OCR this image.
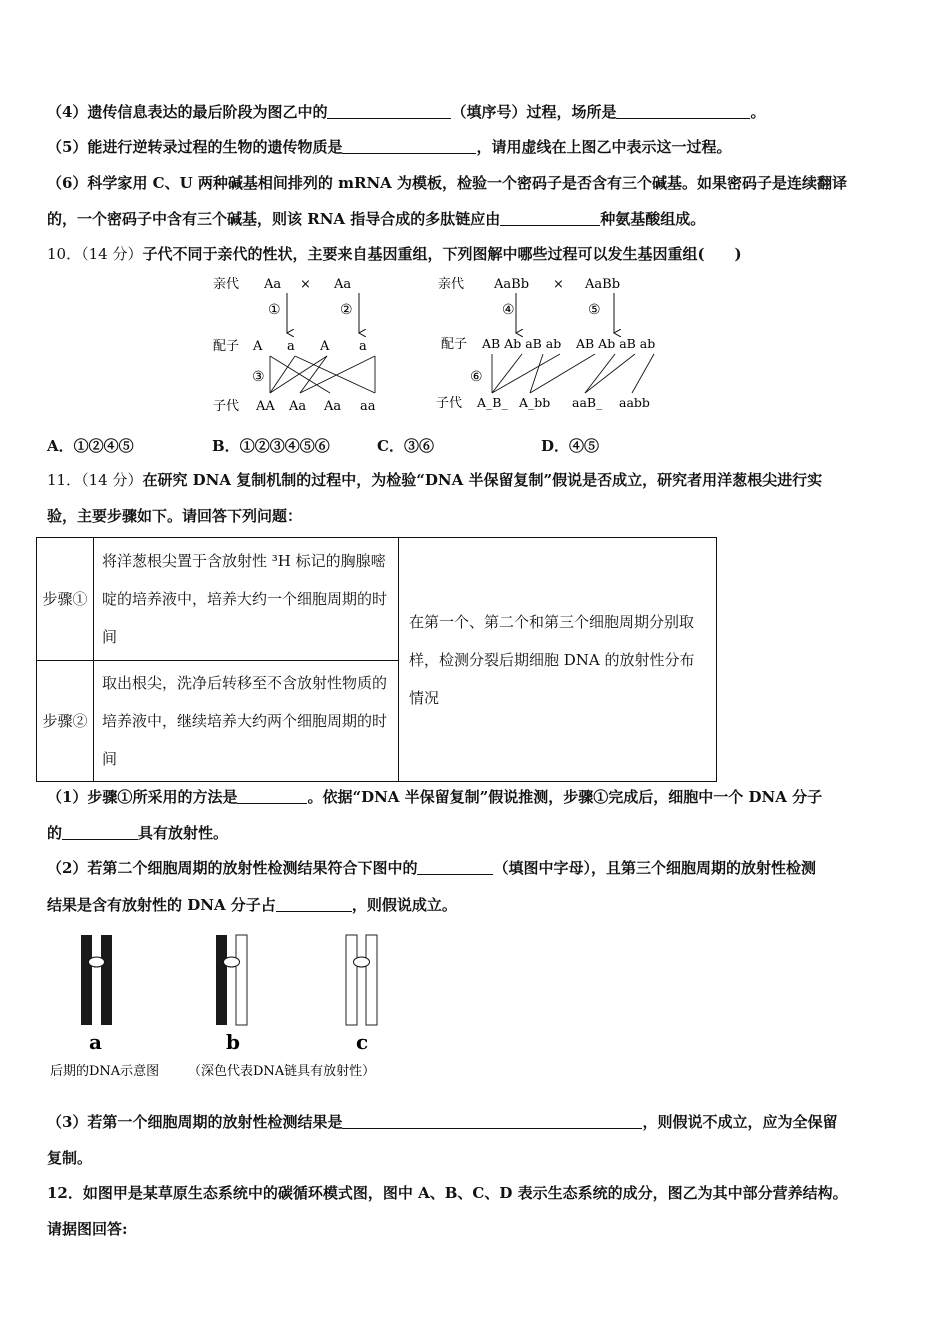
（4）遗传信息表达的最后阶段为图乙中的	（填序号）过程，场所是	。
（5）能进行逆转录过程的生物的遗传物质是	，请用虚线在上图乙中表示这一过程。
（6）科学家用 C、U 两种碱基相间排列的 mRNA 为模板，检验一个密码子是否含有三个碱基。如果密码子是连续翻译
的，一个密码子中含有三个碱基，则该 RNA 指导合成的多肽链应由	种氨基酸组成。
10．（14 分）子代不同于亲代的性状，主要来自基因重组，下列图解中哪些过程可以发生基因重组(　　)
亲代 Aa × Aa
①	②
配子 A a A a
③
子代 AA Aa Aa aa
亲代 AaBb × AaBb
④	⑤
配子 AB Ab aB ab AB Ab aB ab
⑥
子代 A_B_ A_bb aaB_ aabb
A．①②④⑤	B．①②③④⑤⑥	C．③⑥	D．④⑤
11．（14 分）在研究 DNA 复制机制的过程中，为检验“DNA 半保留复制”假说是否成立，研究者用洋葱根尖进行实
验，主要步骤如下。请回答下列问题：
步骤①	将洋葱根尖置于含放射性 ³H 标记的胸腺嘧啶的培养液中，培养大约一个细胞周期的时间	在第一个、第二个和第三个细胞周期分别取样，检测分裂后期细胞 DNA 的放射性分布情况
步骤②	取出根尖，洗净后转移至不含放射性物质的培养液中，继续培养大约两个细胞周期的时间	
（1）步骤①所采用的方法是	。依据“DNA 半保留复制”假说推测，步骤①完成后，细胞中一个 DNA 分子
的	具有放射性。
（2）若第二个细胞周期的放射性检测结果符合下图中的	（填图中字母），且第三个细胞周期的放射性检测
结果是含有放射性的 DNA 分子占	，则假说成立。
a	b	c
后期的DNA示意图 （深色代表DNA链具有放射性）
（3）若第一个细胞周期的放射性检测结果是	，则假说不成立，应为全保留
复制。
12．如图甲是某草原生态系统中的碳循环模式图，图中 A、B、C、D 表示生态系统的成分，图乙为其中部分营养结构。
请据图回答:
